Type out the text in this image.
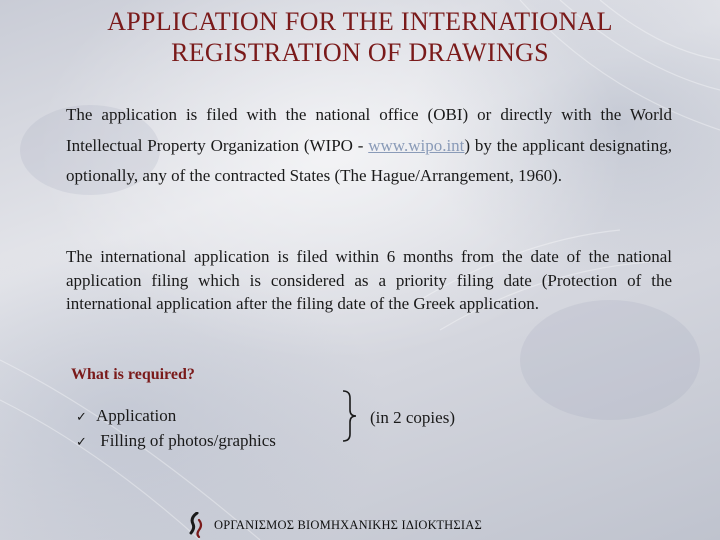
APPLICATION FOR THE INTERNATIONAL
REGISTRATION OF DRAWINGS
The application is filed with the national office (OBI) or directly with the World Intellectual Property Organization (WIPO - www.wipo.int) by the applicant designating, optionally, any of the contracted States (The Hague/Arrangement, 1960).
The international application is filed within 6 months from the date of the national application filing which is considered as a priority filing date (Protection of the international application after the filing date of the Greek application.
What is required?
✓ Application
✓ Filling of photos/graphics
(in 2 copies)
ΟΡΓΑΝΙΣΜΟΣ ΒΙΟΜΗΧΑΝΙΚΗΣ ΙΔΙΟΚΤΗΣΙΑΣ
